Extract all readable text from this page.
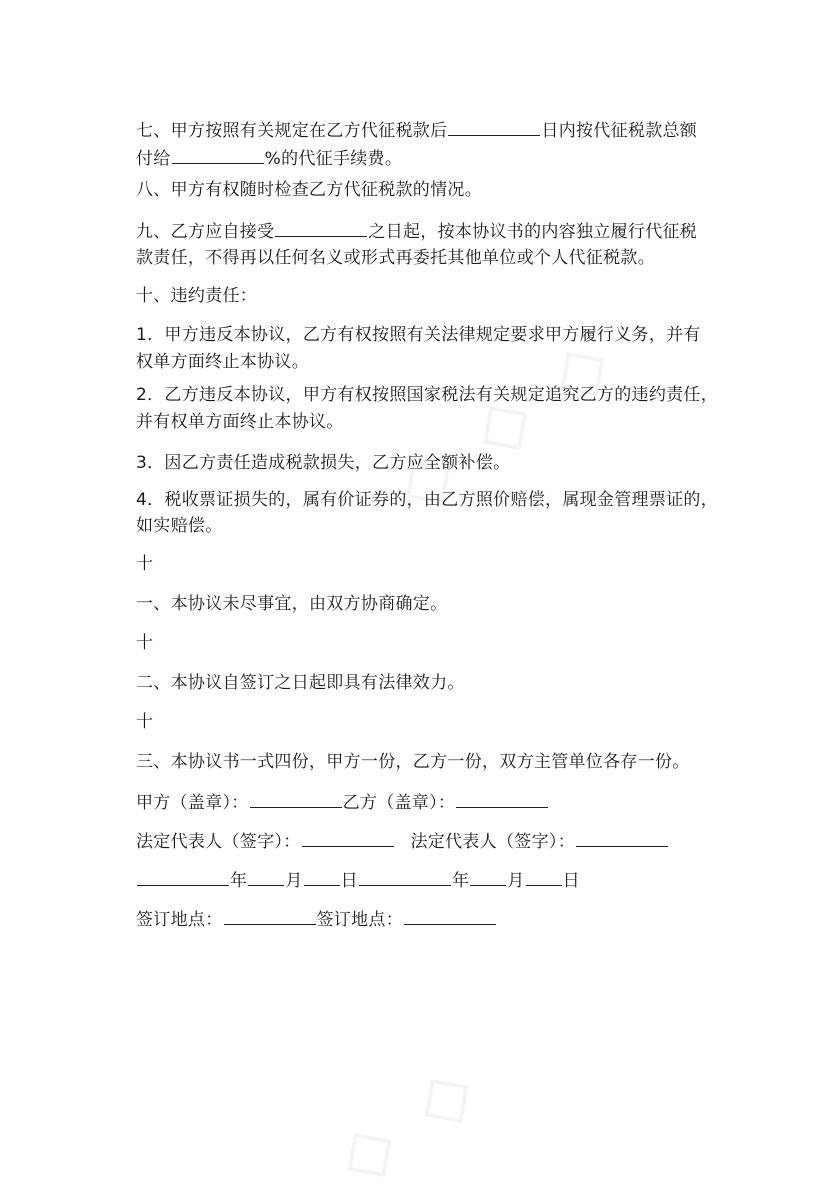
七、甲方按照有关规定在乙方代征税款后	日内按代征税款总额

付给	%的代征手续费。

八、甲方有权随时检查乙方代征税款的情况。

九、乙方应自接受	之日起，按本协议书的内容独立履行代征税

款责任，不得再以任何名义或形式再委托其他单位或个人代征税款。

十、违约责任：

1．甲方违反本协议，乙方有权按照有关法律规定要求甲方履行义务，并有

权单方面终止本协议。

2．乙方违反本协议，甲方有权按照国家税法有关规定追究乙方的违约责任，

并有权单方面终止本协议。

3．因乙方责任造成税款损失，乙方应全额补偿。

4．税收票证损失的，属有价证券的，由乙方照价赔偿，属现金管理票证的，

如实赔偿。

十

一、本协议未尽事宜，由双方协商确定。

十

二、本协议自签订之日起即具有法律效力。

十

三、本协议书一式四份，甲方一份，乙方一份，双方主管单位各存一份。

甲方（盖章）：	乙方（盖章）：

法定代表人（签字）：	法定代表人（签字）：

年 月 日	年 月 日

签订地点：	签订地点：
